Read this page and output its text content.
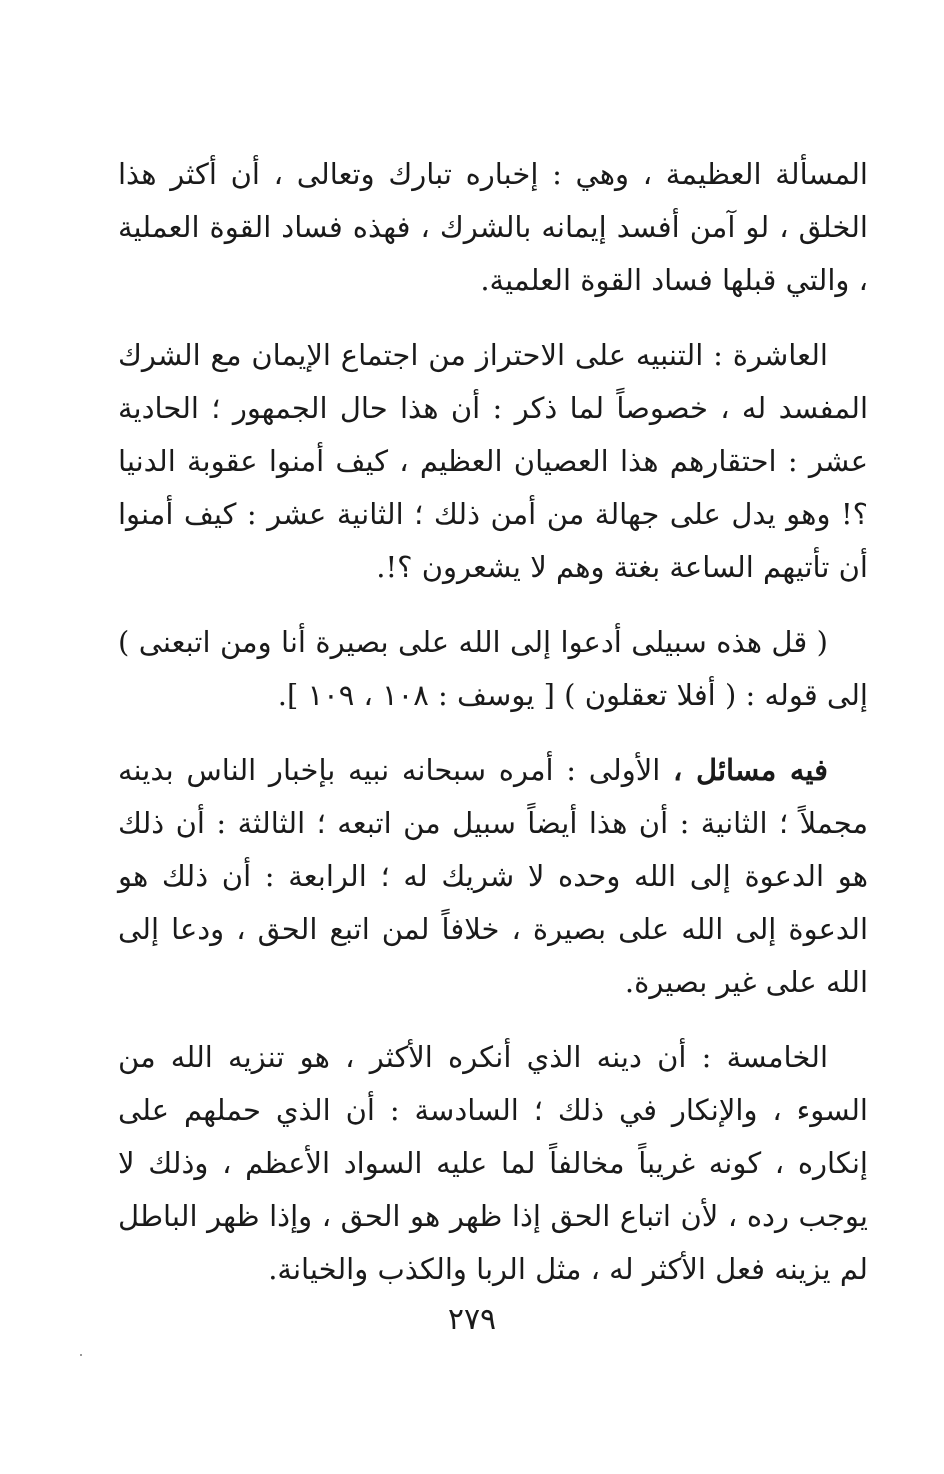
المسألة العظيمة ، وهي : إخباره تبارك وتعالى ، أن أكثر هذا الخلق ، لو آمن أفسد إيمانه بالشرك ، فهذه فساد القوة العملية ، والتي قبلها فساد القوة العلمية.

العاشرة : التنبيه على الاحتراز من اجتماع الإيمان مع الشرك المفسد له ، خصوصاً لما ذكر : أن هذا حال الجمهور ؛ الحادية عشر : احتقارهم هذا العصيان العظيم ، كيف أمنوا عقوبة الدنيا ؟! وهو يدل على جهالة من أمن ذلك ؛ الثانية عشر : كيف أمنوا أن تأتيهم الساعة بغتة وهم لا يشعرون ؟!.

( قل هذه سبيلى أدعوا إلى الله على بصيرة أنا ومن اتبعنى ) إلى قوله : ( أفلا تعقلون ) [ يوسف : ١٠٨ ، ١٠٩ ].

فيه مسائل ، الأولى : أمره سبحانه نبيه بإخبار الناس بدينه مجملاً ؛ الثانية : أن هذا أيضاً سبيل من اتبعه ؛ الثالثة : أن ذلك هو الدعوة إلى الله وحده لا شريك له ؛ الرابعة : أن ذلك هو الدعوة إلى الله على بصيرة ، خلافاً لمن اتبع الحق ، ودعا إلى الله على غير بصيرة.

الخامسة : أن دينه الذي أنكره الأكثر ، هو تنزيه الله من السوء ، والإنكار في ذلك ؛ السادسة : أن الذي حملهم على إنكاره ، كونه غريباً مخالفاً لما عليه السواد الأعظم ، وذلك لا يوجب رده ، لأن اتباع الحق إذا ظهر هو الحق ، وإذا ظهر الباطل لم يزينه فعل الأكثر له ، مثل الربا والكذب والخيانة.

٢٧٩
